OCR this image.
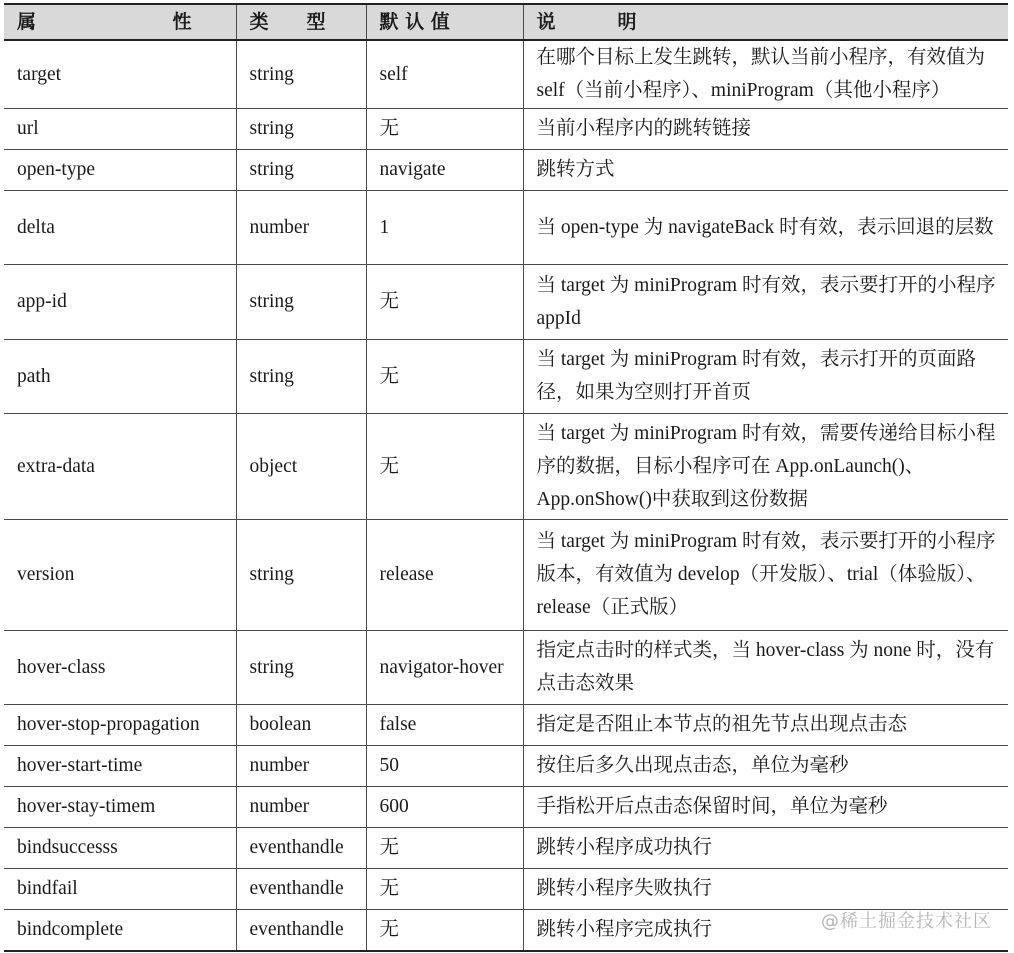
属 性	类 型	默 认 值	说 明
target	string	self	在哪个目标上发生跳转，默认当前小程序，有效值为 self（当前小程序）、miniProgram（其他小程序）
url	string	无	当前小程序内的跳转链接
open-type	string	navigate	跳转方式
delta	number	1	当 open-type 为 navigateBack 时有效，表示回退的层数
app-id	string	无	当 target 为 miniProgram 时有效，表示要打开的小程序 appId
path	string	无	当 target 为 miniProgram 时有效，表示打开的页面路径，如果为空则打开首页
extra-data	object	无	当 target 为 miniProgram 时有效，需要传递给目标小程序的数据，目标小程序可在 App.onLaunch()、App.onShow()中获取到这份数据
version	string	release	当 target 为 miniProgram 时有效，表示要打开的小程序版本，有效值为 develop（开发版）、trial（体验版）、release（正式版）
hover-class	string	navigator-hover	指定点击时的样式类，当 hover-class 为 none 时，没有点击态效果
hover-stop-propagation	boolean	false	指定是否阻止本节点的祖先节点出现点击态
hover-start-time	number	50	按住后多久出现点击态，单位为毫秒
hover-stay-timem	number	600	手指松开后点击态保留时间，单位为毫秒
bindsuccesss	eventhandle	无	跳转小程序成功执行
bindfail	eventhandle	无	跳转小程序失败执行
bindcomplete	eventhandle	无	跳转小程序完成执行	@稀土掘金技术社区
